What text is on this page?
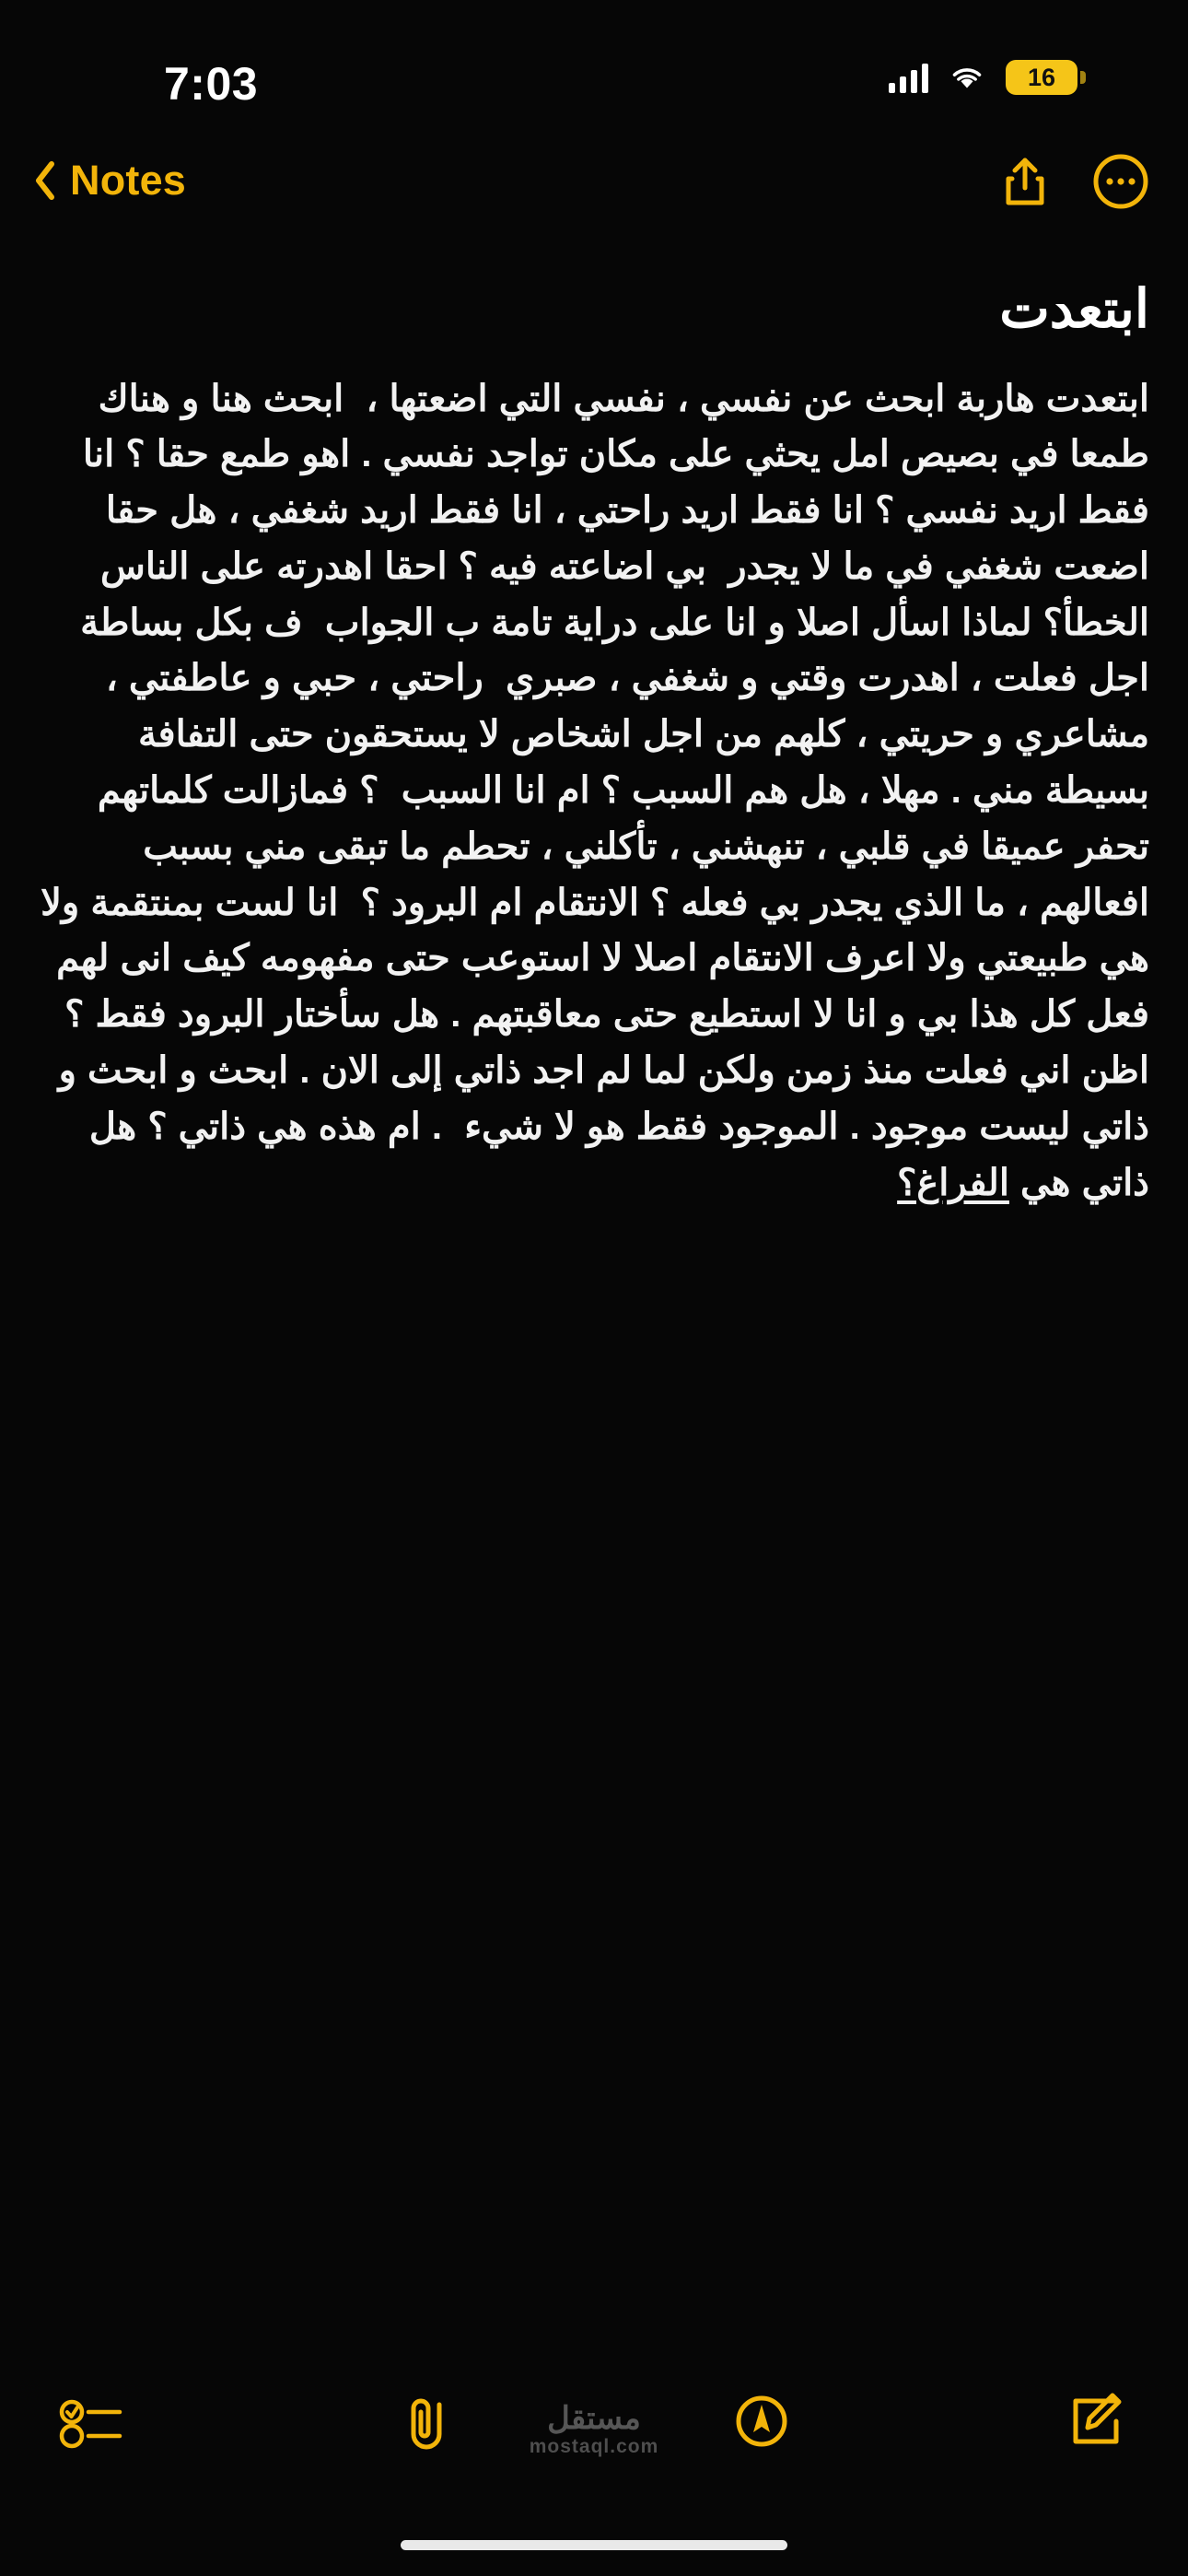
7:03	16
Notes
ابتعدت
ابتعدت هاربة ابحث عن نفسي ، نفسي التي اضعتها ،  ابحث هنا و هناك طمعا في بصيص امل يحثي على مكان تواجد نفسي . اهو طمع حقا ؟ انا فقط اريد نفسي ؟ انا فقط اريد راحتي ، انا فقط اريد شغفي ، هل حقا اضعت شغفي في ما لا يجدر  بي اضاعته فيه ؟ احقا اهدرته على الناس الخطأ؟ لماذا اسأل اصلا و انا على دراية تامة ب الجواب  ف بكل بساطة اجل فعلت ، اهدرت وقتي و شغفي ، صبري  راحتي ، حبي و عاطفتي ، مشاعري و حريتي ، كلهم من اجل اشخاص لا يستحقون حتى التفافة بسيطة مني . مهلا ، هل هم السبب ؟ ام انا السبب  ؟ فمازالت كلماتهم تحفر عميقا في قلبي ، تنهشني ، تأكلني ، تحطم ما تبقى مني بسبب افعالهم ، ما الذي يجدر بي فعله ؟ الانتقام ام البرود ؟  انا لست بمنتقمة ولا هي طبيعتي ولا اعرف الانتقام اصلا لا استوعب حتى مفهومه كيف انى لهم فعل كل هذا بي و انا لا استطيع حتى معاقبتهم . هل سأختار البرود فقط ؟ اظن اني فعلت منذ زمن ولكن لما لم اجد ذاتي إلى الان . ابحث و ابحث و ذاتي ليست موجود . الموجود فقط هو لا شيء  . ام هذه هي ذاتي ؟ هل ذاتي هي الفراغ؟
مستقل
mostaql.com
